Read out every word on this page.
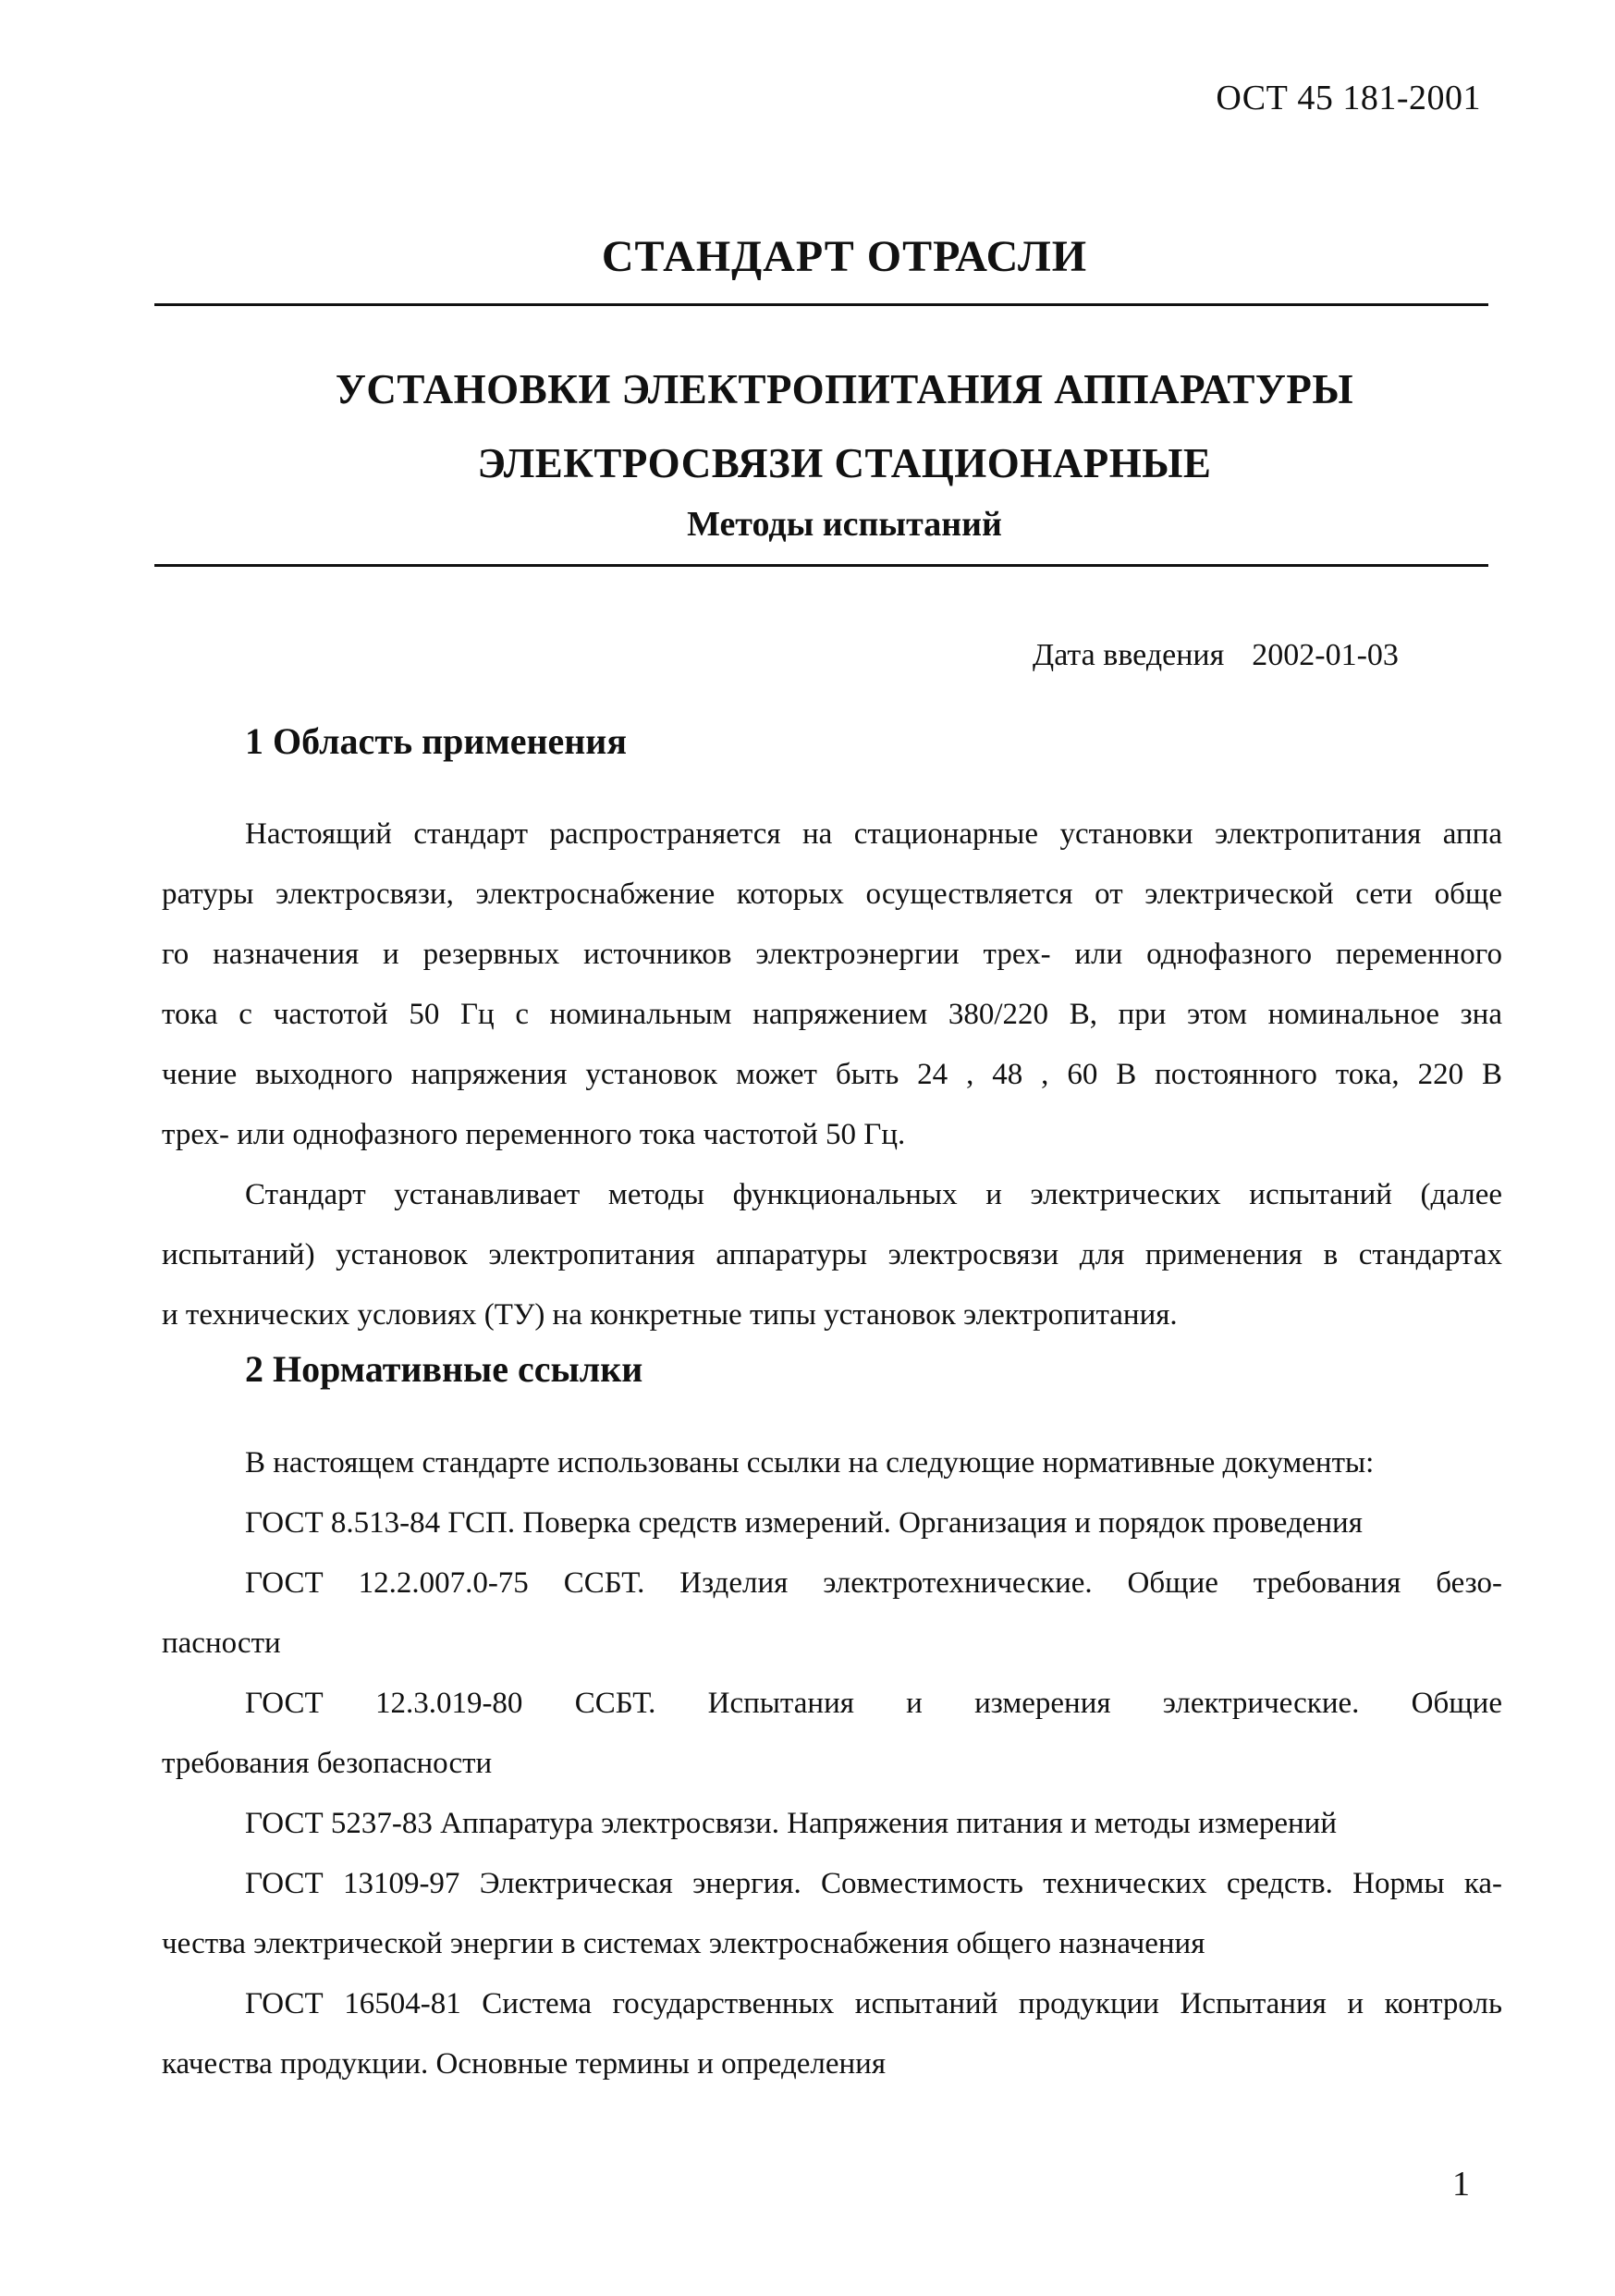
ОСТ 45 181-2001
СТАНДАРТ ОТРАСЛИ
УСТАНОВКИ ЭЛЕКТРОПИТАНИЯ АППАРАТУРЫ
ЭЛЕКТРОСВЯЗИ СТАЦИОНАРНЫЕ
Методы испытаний
Дата введения 2002-01-03
1 Область применения
Настоящий стандарт распространяется на стационарные установки электропитания аппа
ратуры электросвязи, электроснабжение которых осуществляется от электрической сети обще
го назначения и резервных источников электроэнергии трех- или однофазного переменного
тока с частотой 50 Гц с номинальным напряжением 380/220 В, при этом номинальное зна
чение выходного напряжения установок может быть 24 , 48 , 60 В постоянного тока, 220 В
трех- или однофазного переменного тока частотой 50 Гц.
Стандарт устанавливает методы функциональных и электрических испытаний (далее
испытаний) установок электропитания аппаратуры электросвязи для применения в стандартах
и технических условиях (ТУ) на конкретные типы установок электропитания.
2 Нормативные ссылки
В настоящем стандарте использованы ссылки на следующие нормативные документы:
ГОСТ 8.513-84 ГСП. Поверка средств измерений. Организация и порядок проведения
ГОСТ 12.2.007.0-75 ССБТ. Изделия электротехнические. Общие требования безо-
пасности
ГОСТ 12.3.019-80 ССБТ. Испытания и измерения электрические. Общие
требования безопасности
ГОСТ 5237-83 Аппаратура электросвязи. Напряжения питания и методы измерений
ГОСТ 13109-97 Электрическая энергия. Совместимость технических средств. Нормы ка-
чества электрической энергии в системах электроснабжения общего назначения
ГОСТ 16504-81 Система государственных испытаний продукции Испытания и контроль
качества продукции. Основные термины и определения
1
